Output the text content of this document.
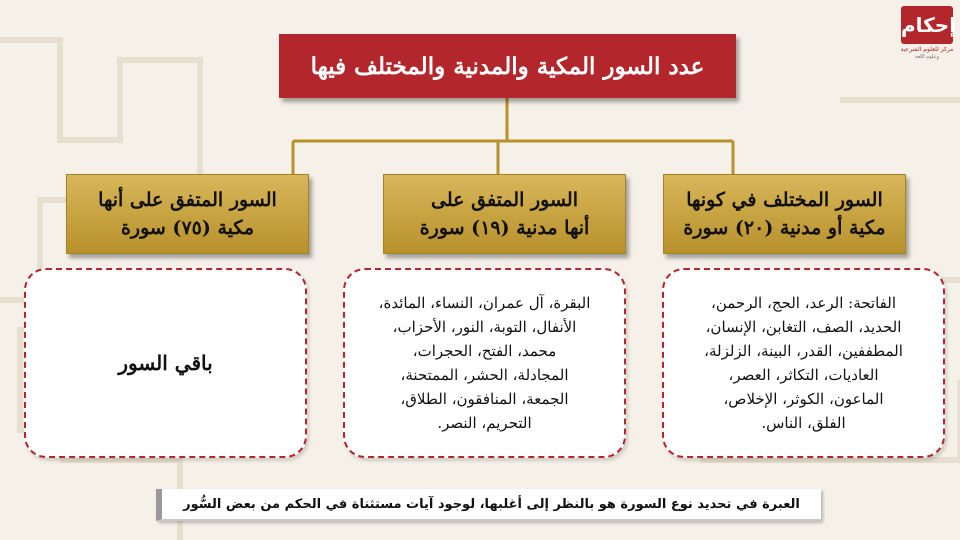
إحكام
مركز للعلوم الشرعية
وعلوم اللغة
عدد السور المكية والمدنية والمختلف فيها
السور المختلف في كونها
مكية أو مدنية (٢٠) سورة
السور المتفق على
أنها مدنية (١٩) سورة
السور المتفق على أنها
مكية (٧٥) سورة
الفاتحة: الرعد، الحج، الرحمن،
الحديد، الصف، التغابن، الإنسان،
المطففين، القدر، البينة، الزلزلة،
العاديات، التكاثر، العصر،
الماعون، الكوثر، الإخلاص،
الفلق، الناس.
البقرة، آل عمران، النساء، المائدة،
الأنفال، التوبة، النور، الأحزاب،
محمد، الفتح، الحجرات،
المجادلة، الحشر، الممتحنة،
الجمعة، المنافقون، الطلاق،
التحريم، النصر.
باقي السور
العبرة في تحديد نوع السورة هو بالنظر إلى أغلبها، لوجود آيات مستثناة في الحكم من بعض السُّور
